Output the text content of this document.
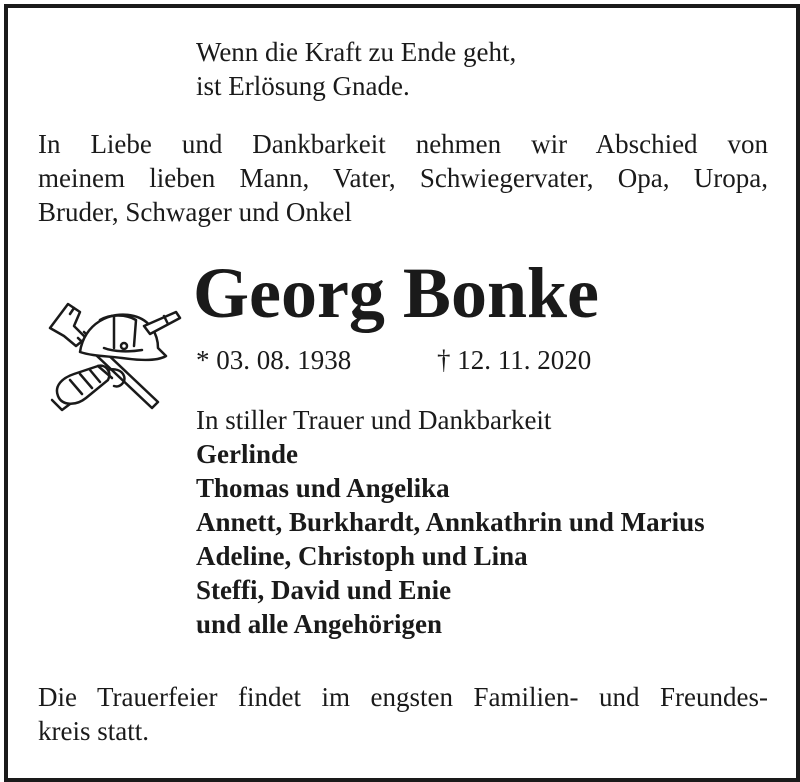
Wenn die Kraft zu Ende geht,
ist Erlösung Gnade.
In Liebe und Dankbarkeit nehmen wir Abschied von
meinem lieben Mann, Vater, Schwiegervater, Opa, Uropa,
Bruder, Schwager und Onkel
Georg Bonke
* 03. 08. 1938	† 12. 11. 2020
In stiller Trauer und Dankbarkeit
Gerlinde
Thomas und Angelika
Annett, Burkhardt, Annkathrin und Marius
Adeline, Christoph und Lina
Steffi, David und Enie
und alle Angehörigen
Die Trauerfeier findet im engsten Familien- und Freundes-
kreis statt.
